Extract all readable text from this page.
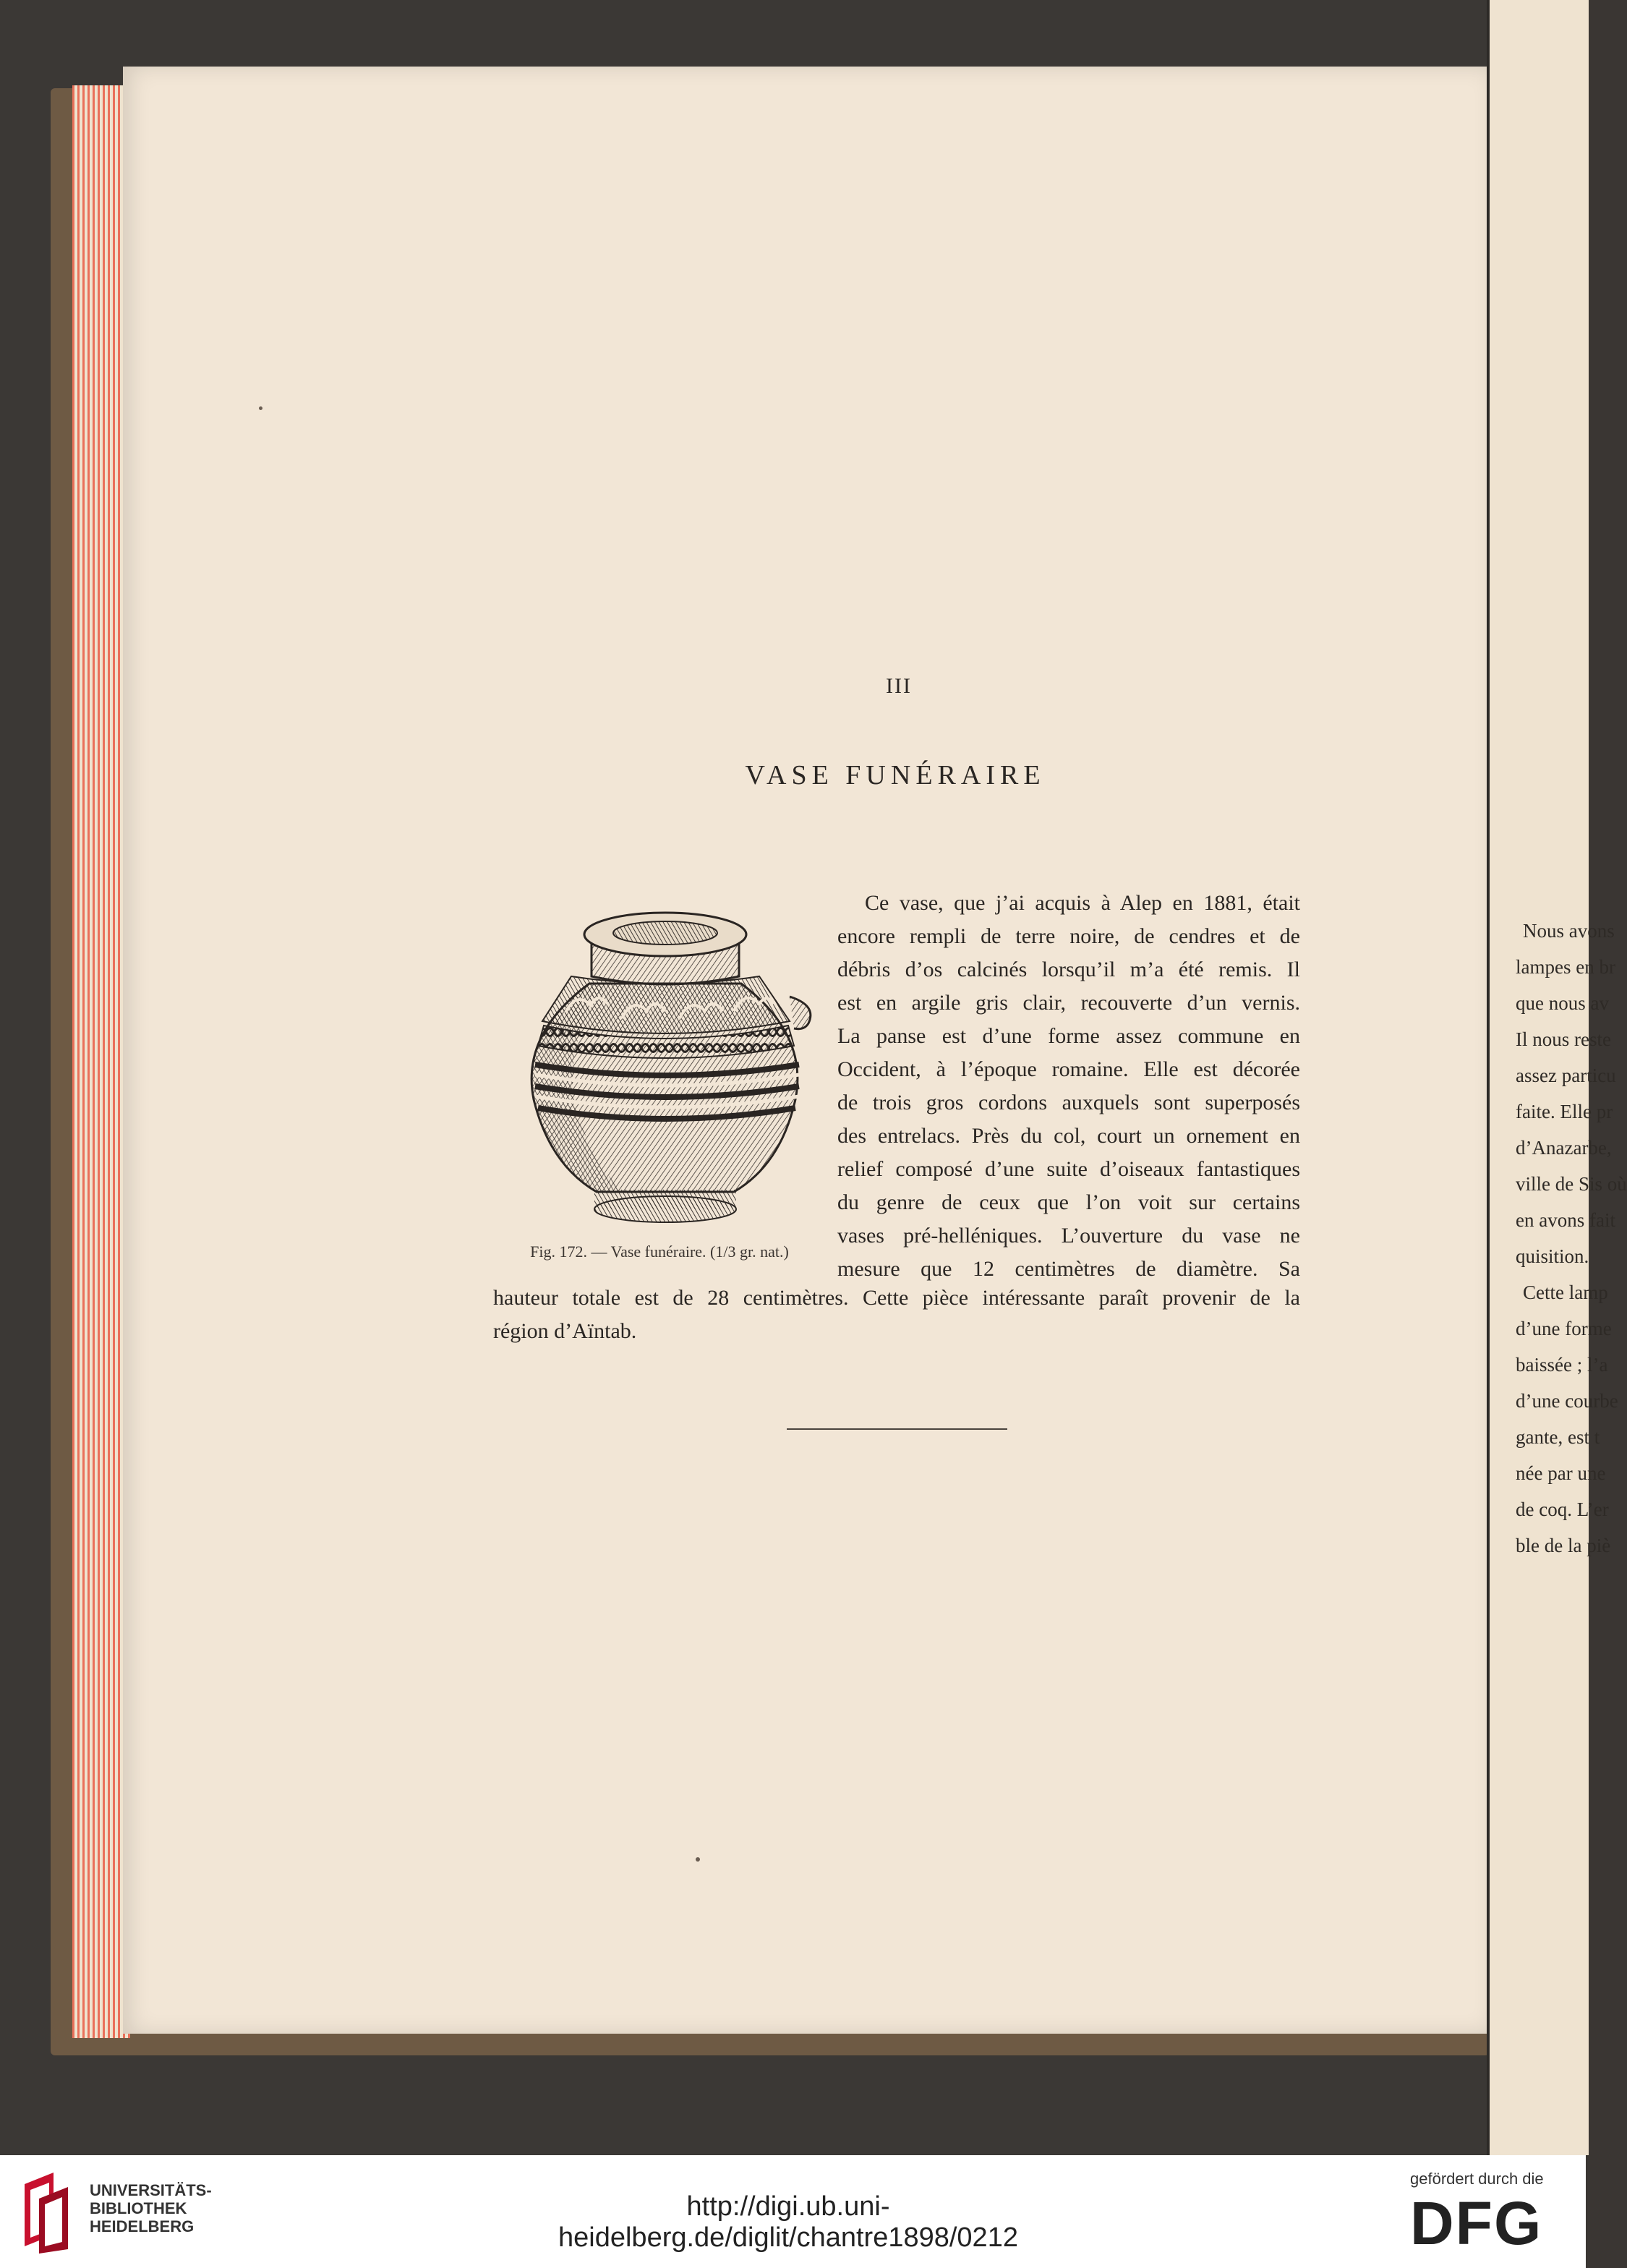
III
VASE FUNÉRAIRE
Fig. 172. — Vase funéraire. (1/3 gr. nat.)
Ce vase, que j’ai acquis à Alep en 1881, était
encore rempli de terre noire, de cendres et de
débris d’os calcinés lorsqu’il m’a été remis. Il
est en argile gris clair, recouverte d’un vernis.
La panse est d’une forme assez commune en
Occident, à l’époque romaine. Elle est décorée
de trois gros cordons auxquels sont superposés
des entrelacs. Près du col, court un ornement en
relief composé d’une suite d’oiseaux fantastiques
du genre de ceux que l’on voit sur certains
vases pré-helléniques. L’ouverture du vase ne
mesure que 12 centimètres de diamètre. Sa
hauteur totale est de 28 centimètres. Cette pièce intéressante paraît provenir de la
région d’Aïntab.
Nous avons
lampes en br
que nous av
Il nous reste
assez particu
faite. Elle pr
d’Anazarbe,
ville de Sis où
en avons fait
quisition.
Cette lamp
d’une forme
baissée ; l’a
d’une courbe
gante, est t
née par une
de coq. L’er
ble de la piè
UNIVERSITÄTS-
BIBLIOTHEK
HEIDELBERG
http://digi.ub.uni-heidelberg.de/diglit/chantre1898/0212
gefördert durch die
DFG
